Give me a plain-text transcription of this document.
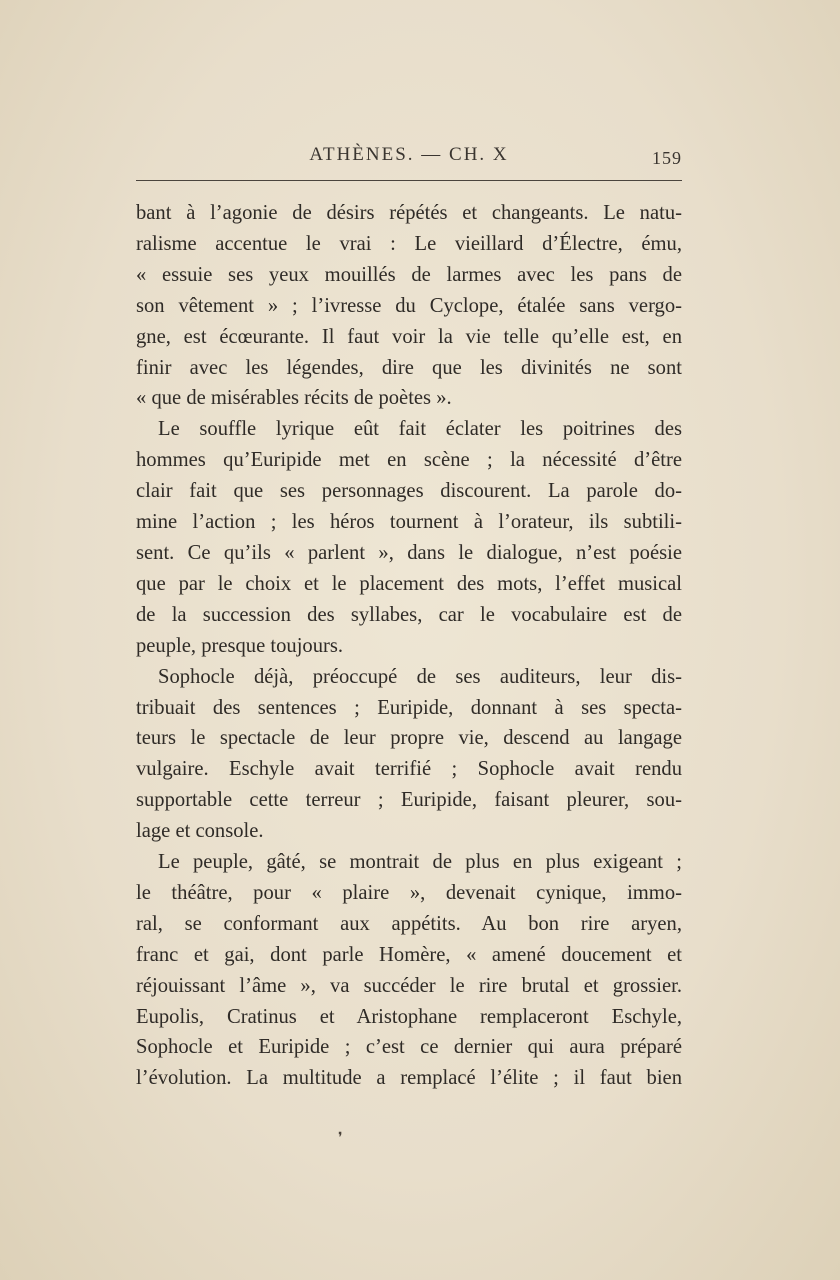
ATHÈNES. — CH. X	159
bant à l’agonie de désirs répétés et changeants. Le natu-
ralisme accentue le vrai : Le vieillard d’Électre, ému,
« essuie ses yeux mouillés de larmes avec les pans de
son vêtement » ; l’ivresse du Cyclope, étalée sans vergo-
gne, est écœurante. Il faut voir la vie telle qu’elle est, en
finir avec les légendes, dire que les divinités ne sont
« que de misérables récits de poètes ».
Le souffle lyrique eût fait éclater les poitrines des
hommes qu’Euripide met en scène ; la nécessité d’être
clair fait que ses personnages discourent. La parole do-
mine l’action ; les héros tournent à l’orateur, ils subtili-
sent. Ce qu’ils « parlent », dans le dialogue, n’est poésie
que par le choix et le placement des mots, l’effet musical
de la succession des syllabes, car le vocabulaire est de
peuple, presque toujours.
Sophocle déjà, préoccupé de ses auditeurs, leur dis-
tribuait des sentences ; Euripide, donnant à ses specta-
teurs le spectacle de leur propre vie, descend au langage
vulgaire. Eschyle avait terrifié ; Sophocle avait rendu
supportable cette terreur ; Euripide, faisant pleurer, sou-
lage et console.
Le peuple, gâté, se montrait de plus en plus exigeant ;
le théâtre, pour « plaire », devenait cynique, immo-
ral, se conformant aux appétits. Au bon rire aryen,
franc et gai, dont parle Homère, « amené doucement et
réjouissant l’âme », va succéder le rire brutal et grossier.
Eupolis, Cratinus et Aristophane remplaceront Eschyle,
Sophocle et Euripide ; c’est ce dernier qui aura préparé
l’évolution. La multitude a remplacé l’élite ; il faut bien
❜
